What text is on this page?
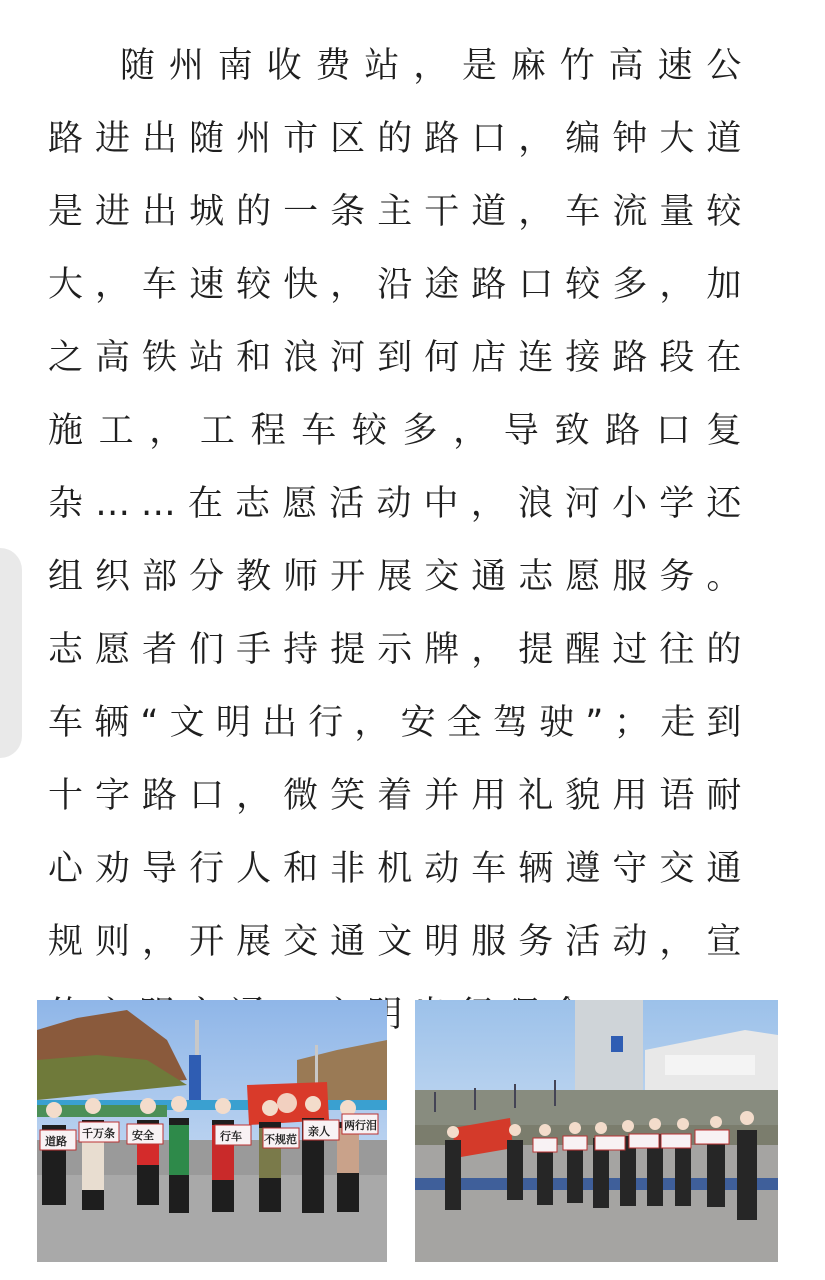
随州南收费站，是麻竹高速公路进出随州市区的路口，编钟大道是进出城的一条主干道，车流量较大，车速较快，沿途路口较多，加之高铁站和浪河到何店连接路段在施工，工程车较多，导致路口复杂……在志愿活动中，浪河小学还组织部分教师开展交通志愿服务。志愿者们手持提示牌，提醒过往的车辆“文明出行，安全驾驶”；走到十字路口，微笑着并用礼貌用语耐心劝导行人和非机动车辆遵守交通规则，开展交通文明服务活动，宣 文明出

道路
千万条 安全	行车 不规范
亲人 两行泪
